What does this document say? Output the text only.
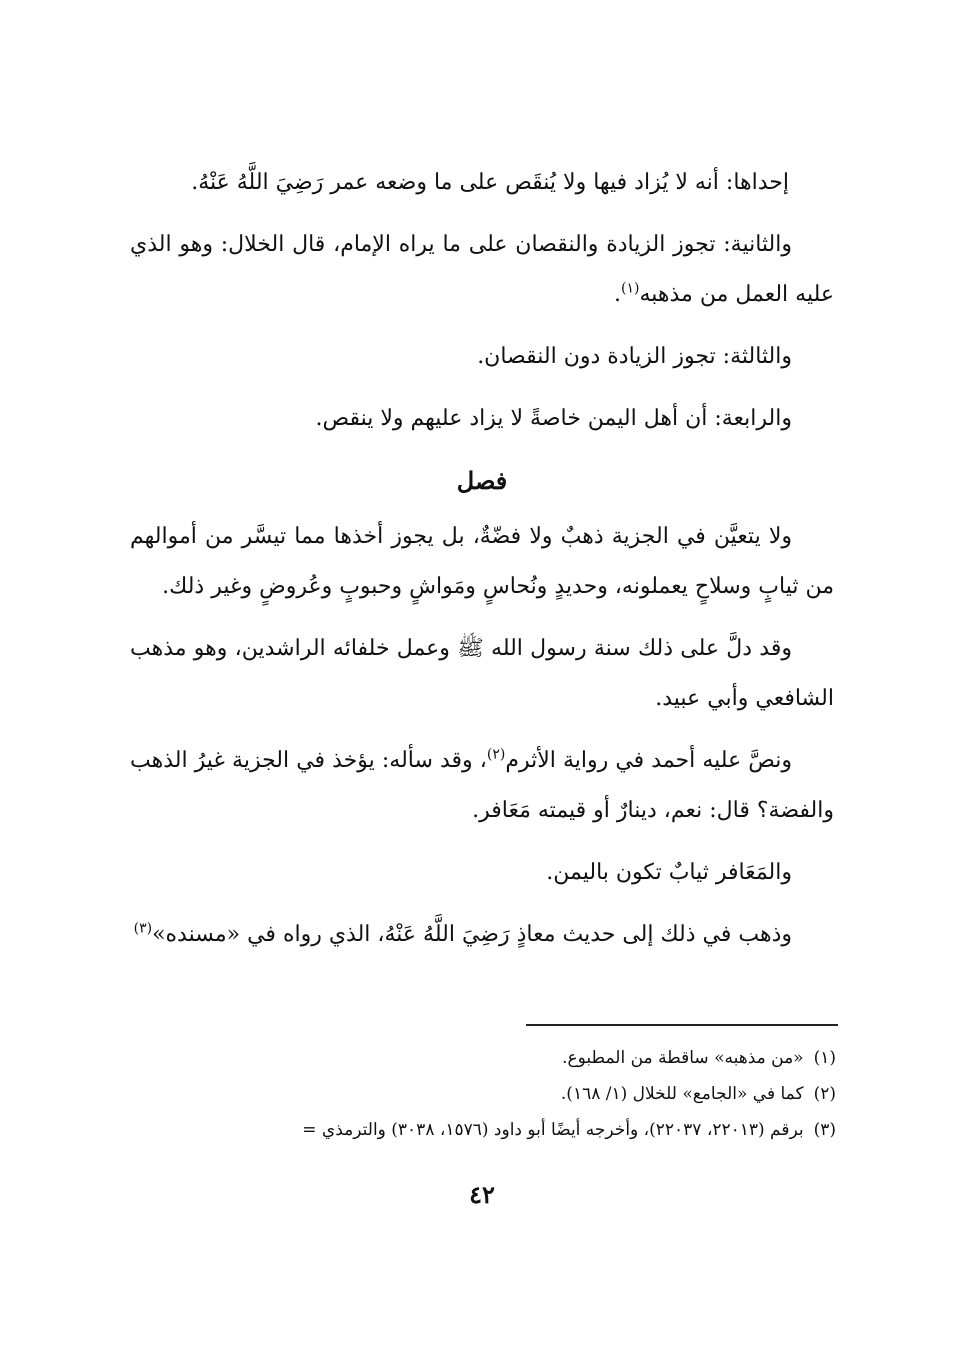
إحداها: أنه لا يُزاد فيها ولا يُنقَص على ما وضعه عمر رَضِيَ اللَّهُ عَنْهُ.

والثانية: تجوز الزيادة والنقصان على ما يراه الإمام، قال الخلال: وهو الذي عليه العمل من مذهبه$^{(١)}$.

والثالثة: تجوز الزيادة دون النقصان.

والرابعة: أن أهل اليمن خاصةً لا يزاد عليهم ولا ينقص.

فصل

ولا يتعيَّن في الجزية ذهبٌ ولا فضّةٌ، بل يجوز أخذها مما تيسَّر من أموالهم من ثيابٍ وسلاحٍ يعملونه، وحديدٍ ونُحاسٍ ومَواشٍ وحبوبٍ وعُروضٍ وغير ذلك.

وقد دلَّ على ذلك سنة رسول الله ﷺ وعمل خلفائه الراشدين، وهو مذهب الشافعي وأبي عبيد.

ونصَّ عليه أحمد في رواية الأثرم$^{(٢)}$، وقد سأله: يؤخذ في الجزية غيرُ الذهب والفضة؟ قال: نعم، دينارٌ أو قيمته مَعَافر.

والمَعَافر ثيابٌ تكون باليمن.

وذهب في ذلك إلى حديث معاذٍ رَضِيَ اللَّهُ عَنْهُ، الذي رواه في «مسنده»$^{(٣)}$

(١)
«من مذهبه» ساقطة من المطبوع.
(٢)
كما في «الجامع» للخلال (١/ ١٦٨).
(٣)
برقم (٢٢٠١٣، ٢٢٠٣٧)، وأخرجه أيضًا أبو داود (١٥٧٦، ٣٠٣٨) والترمذي =
٤٢
